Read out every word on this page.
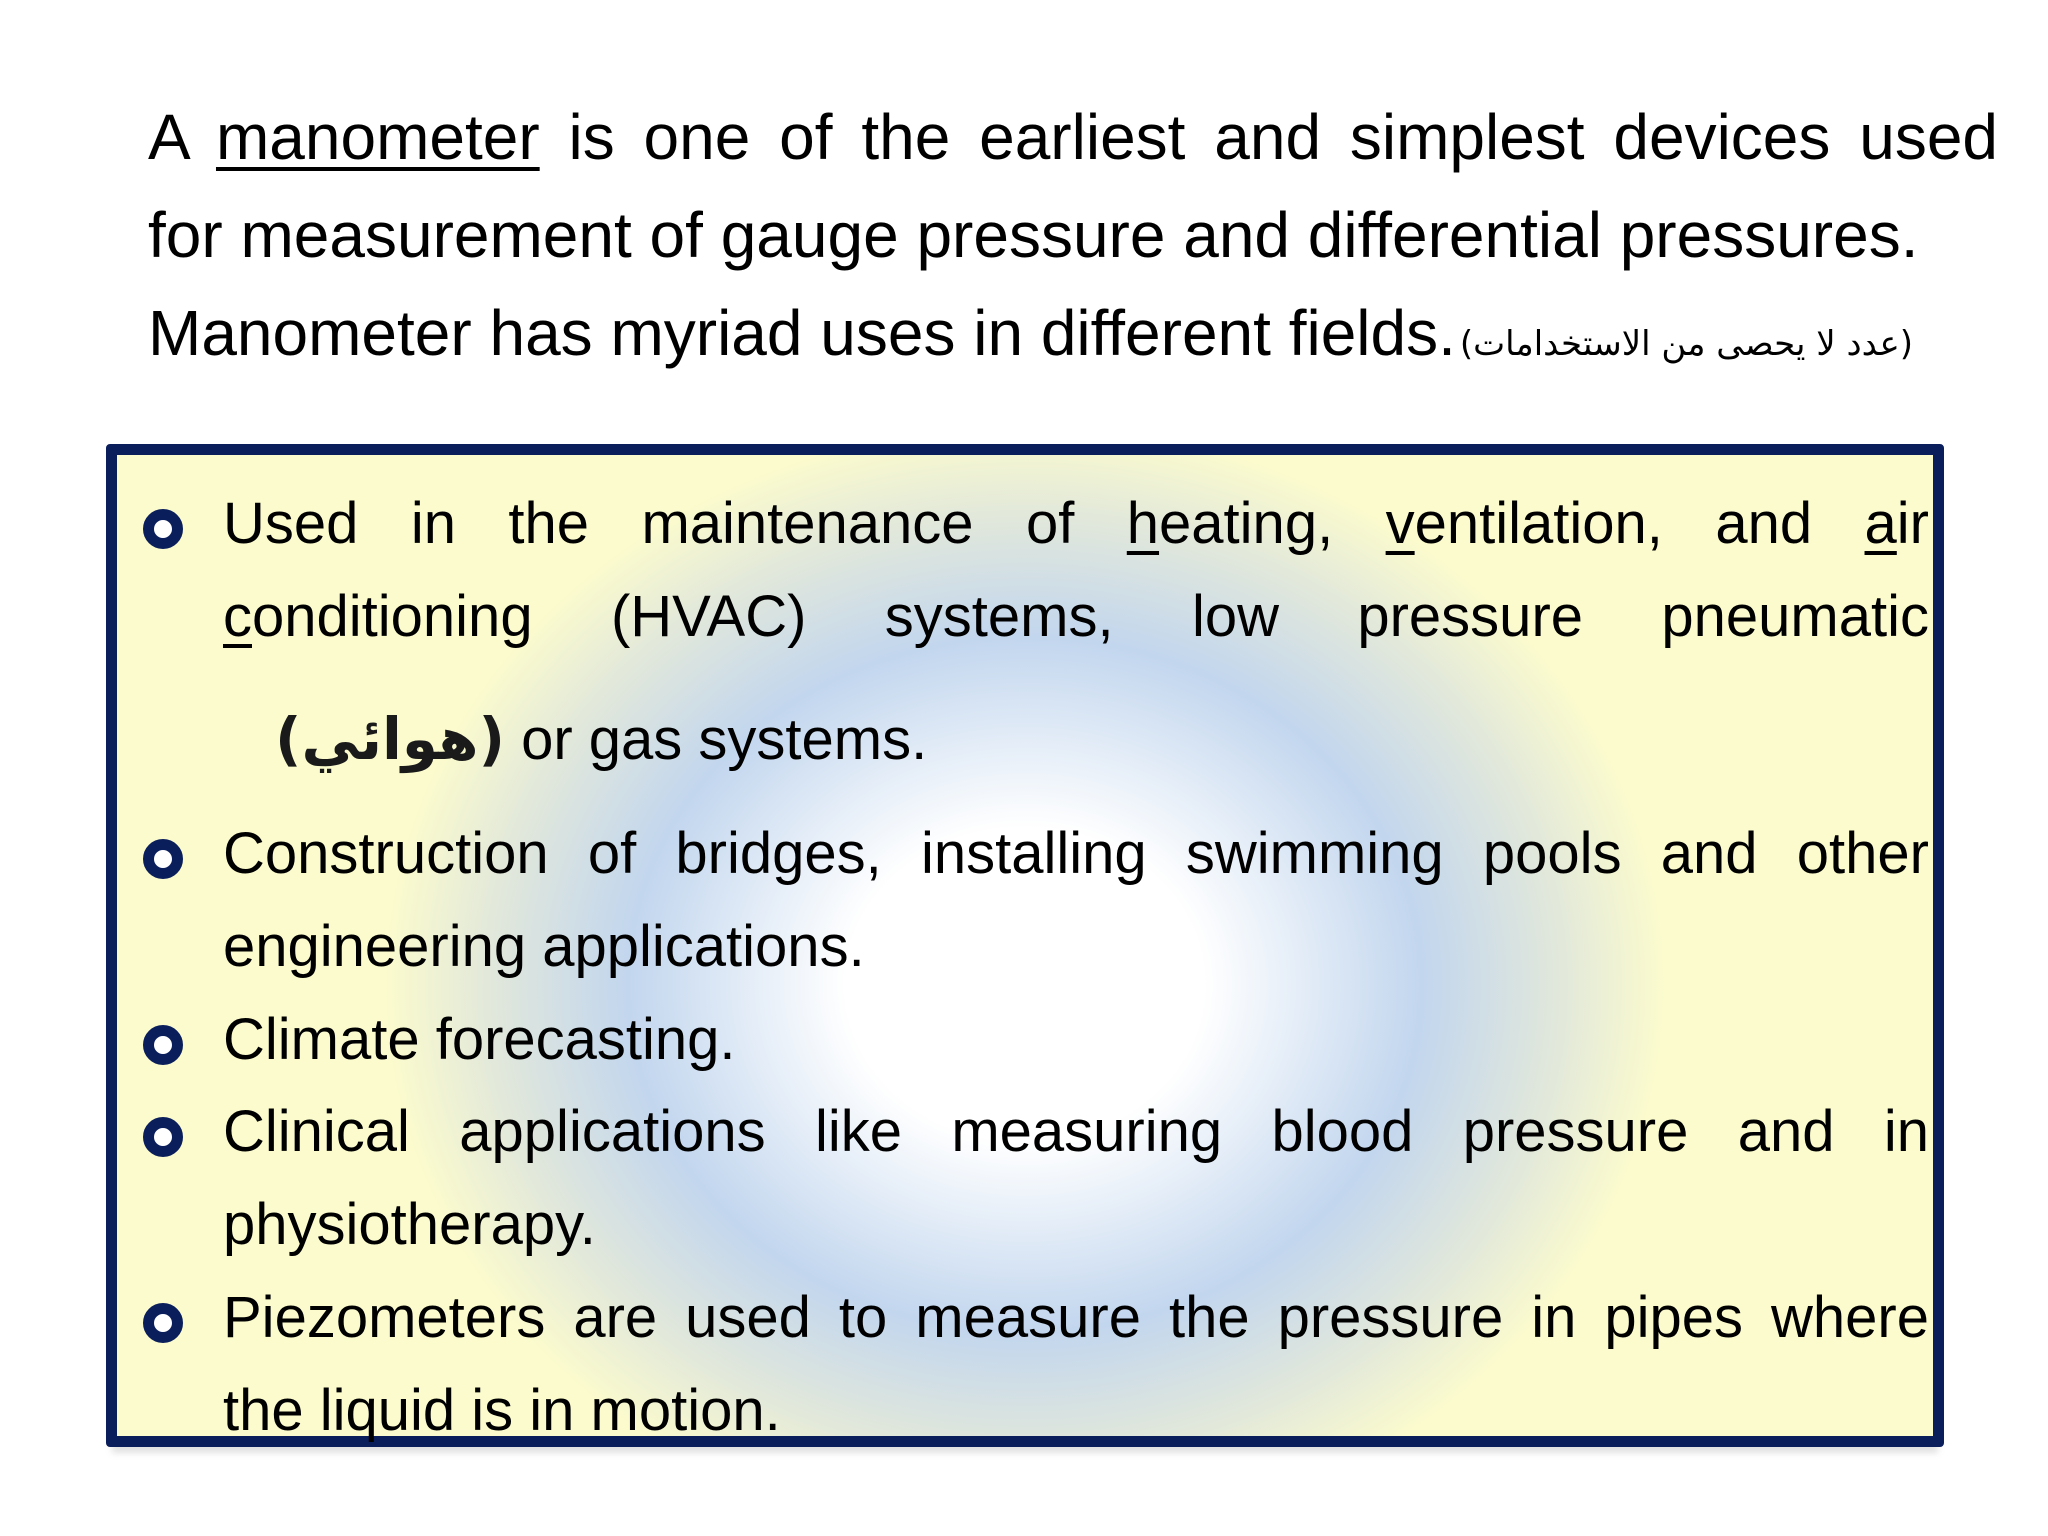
A manometer is one of the earliest and simplest devices used
for measurement of gauge pressure and differential pressures.
Manometer has myriad uses in different fields. (عدد لا يحصى من الاستخدامات)
Used in the maintenance of heating, ventilation, and air
conditioning (HVAC) systems, low pressure pneumatic
(هوائي) or gas systems.
Construction of bridges, installing swimming pools and other
engineering applications.
Climate forecasting.
Clinical applications like measuring blood pressure and in
physiotherapy.
Piezometers are used to measure the pressure in pipes where
the liquid is in motion.
